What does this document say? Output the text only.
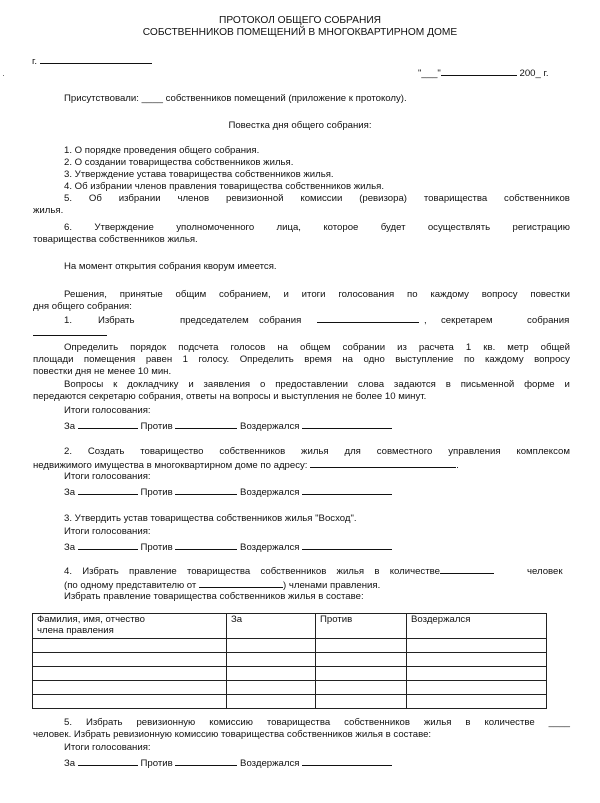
ПРОТОКОЛ ОБЩЕГО СОБРАНИЯ
СОБСТВЕННИКОВ ПОМЕЩЕНИЙ В МНОГОКВАРТИРНОМ ДОМЕ
г.
"___"	200_ г.
Присутствовали: ____ собственников помещений (приложение к протоколу).
Повестка дня общего собрания:
1. О порядке проведения общего собрания.
2. О создании товарищества собственников жилья.
3. Утверждение устава товарищества собственников жилья.
4. Об избрании членов правления товарищества собственников жилья.
5. Об избрании членов ревизионной комиссии (ревизора) товарищества собственников
жилья.
6. Утверждение уполномоченного лица, которое будет осуществлять регистрацию
товарищества собственников жилья.
На момент открытия собрания кворум имеется.
Решения, принятые общим собранием, и итоги голосования по каждому вопросу повестки
дня общего собрания:
1.	Избрать	председателем собрания	, секретарем	собрания
Определить порядок подсчета голосов на общем собрании из расчета 1 кв. метр общей
площади помещения равен 1 голосу. Определить время на одно выступление по каждому вопросу
повестки дня не менее 10 мин.
Вопросы к докладчику и заявления о предоставлении слова задаются в письменной форме и
передаются секретарю собрания, ответы на вопросы и выступления не более 10 минут.
Итоги голосования:
За	Против	Воздержался
2. Создать товарищество собственников жилья для совместного управления комплексом
недвижимого имущества в многоквартирном доме по адресу:	.
Итоги голосования:
За	Против	Воздержался
3. Утвердить устав товарищества собственников жилья "Восход".
Итоги голосования:
За	Против	Воздержался
4. Избрать правление товарищества собственников жилья в количестве	человек
(по одному представителю от	) членами правления.
Избрать правление товарищества собственников жилья в составе:
Фамилия, имя, отчество
члена правления	За	Против	Воздержался

5. Избрать ревизионную комиссию товарищества собственников жилья в количестве ____
человек. Избрать ревизионную комиссию товарищества собственников жилья в составе:
Итоги голосования:
За	Против	Воздержался
·
